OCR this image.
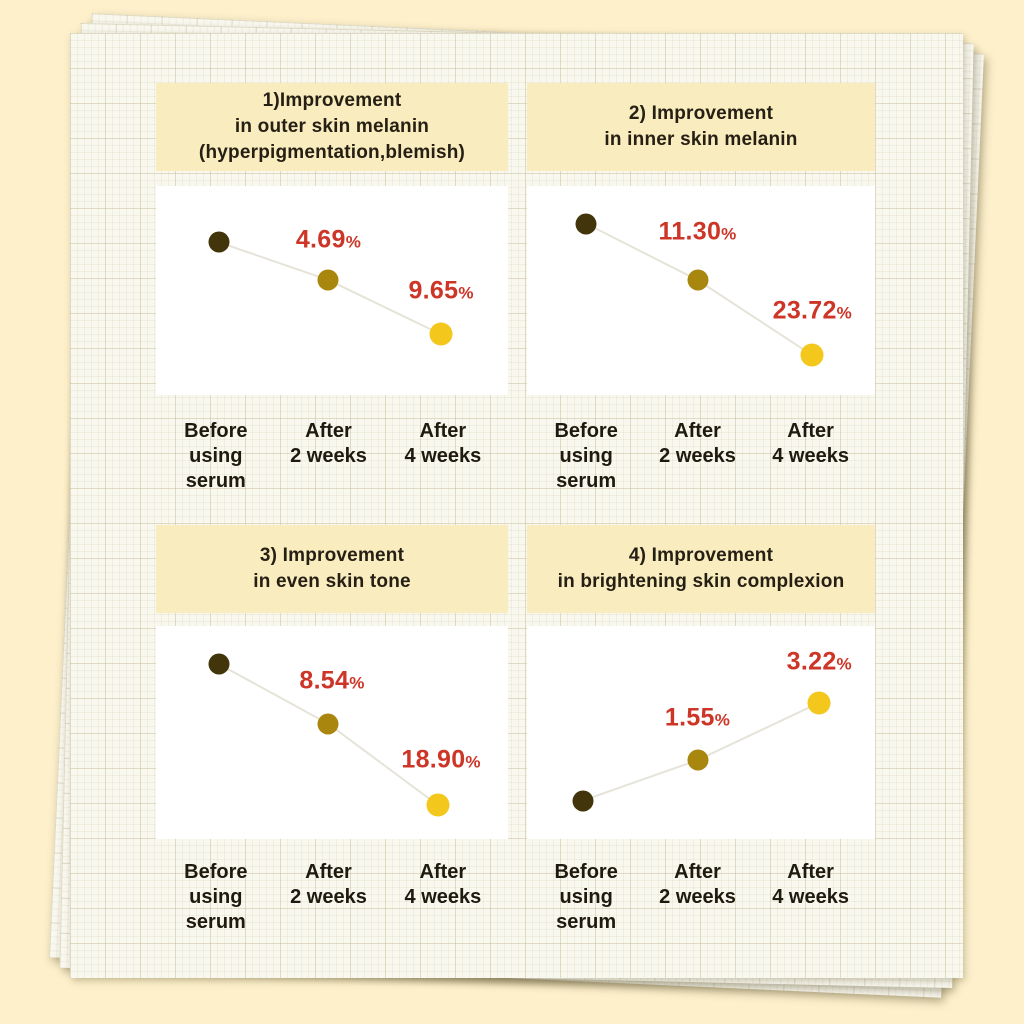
1)Improvement
in outer skin melanin
(hyperpigmentation,blemish)
4.69%
9.65%
Before
using
serum
After
2 weeks
After
4 weeks
2) Improvement
in inner skin melanin
11.30%
23.72%
Before
using
serum
After
2 weeks
After
4 weeks
3) Improvement
in even skin tone
8.54%
18.90%
Before
using
serum
After
2 weeks
After
4 weeks
4) Improvement
in brightening skin complexion
1.55%
3.22%
Before
using
serum
After
2 weeks
After
4 weeks
